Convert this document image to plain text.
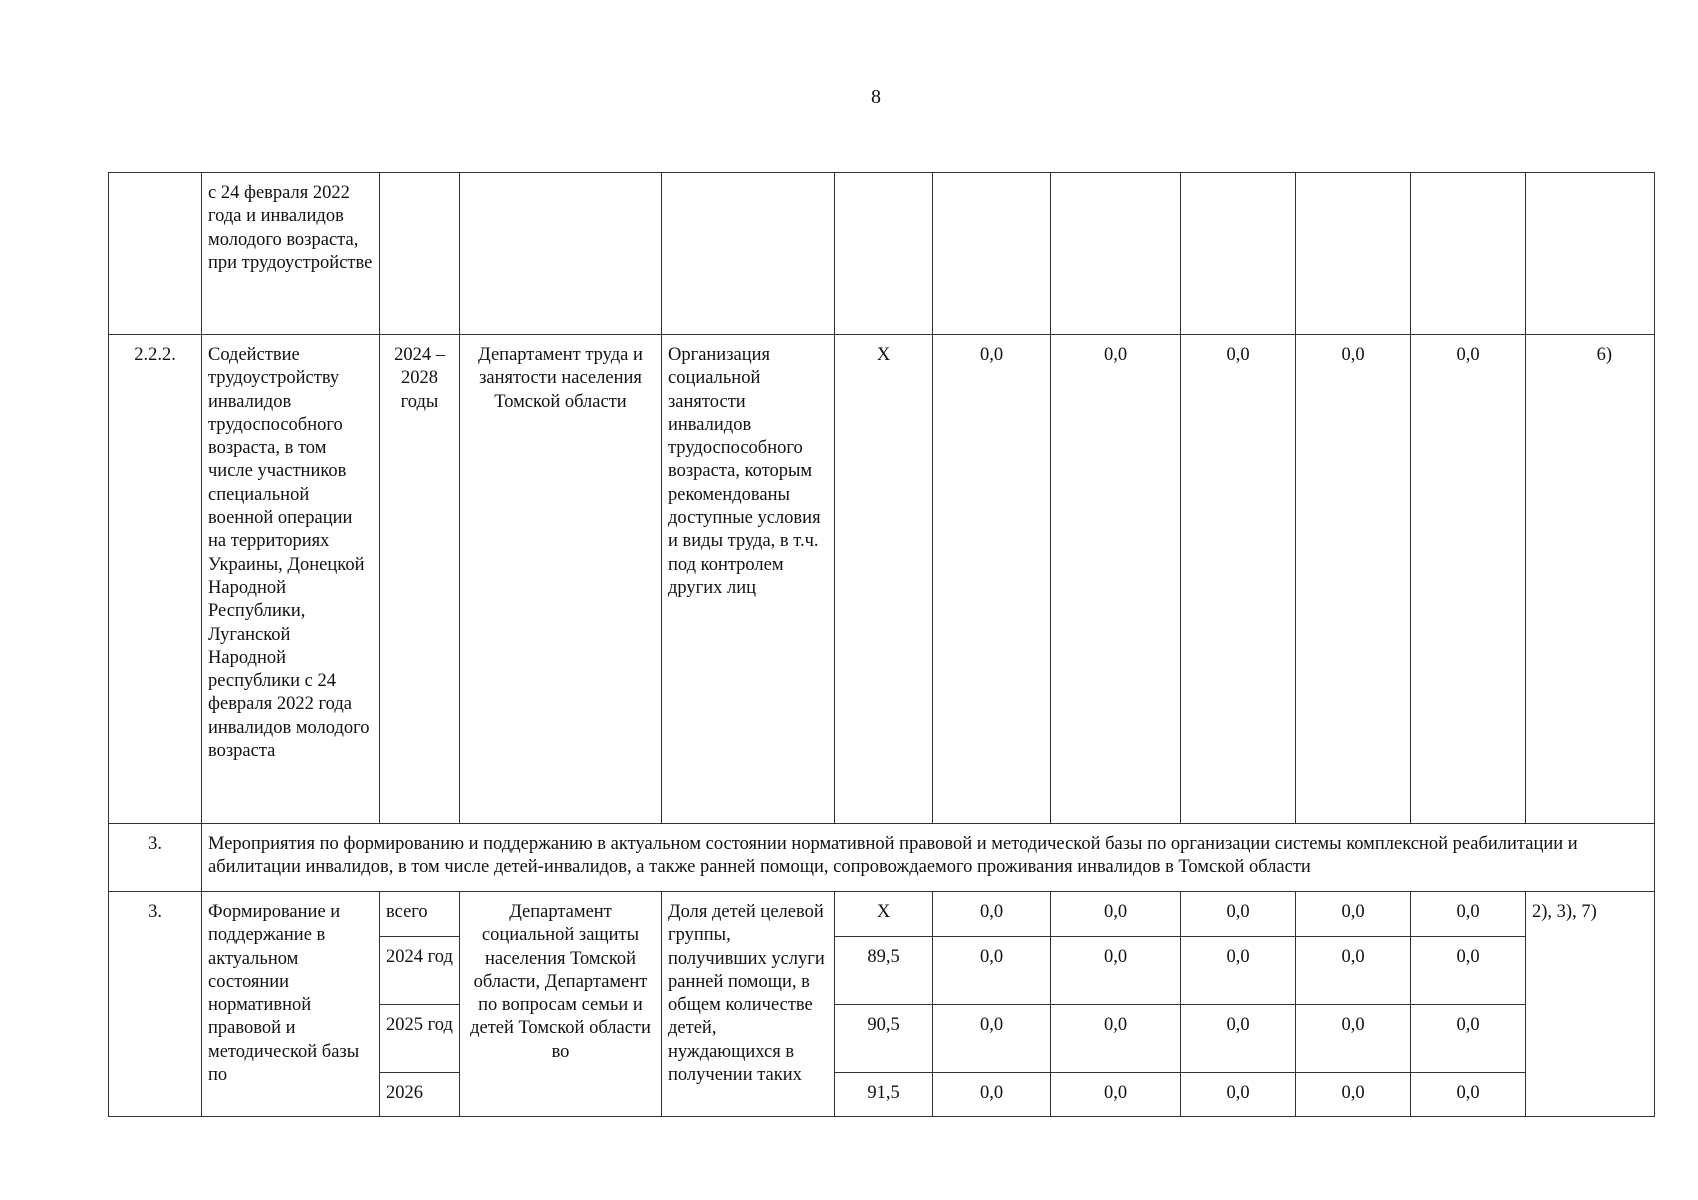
8
	с 24 февраля 2022 года и инвалидов молодого возраста, при трудоустройстве										
2.2.2.	Содействие трудоустройству инвалидов трудоспособного возраста, в том числе участников специальной военной операции на территориях Украины, Донецкой Народной Республики, Луганской Народной республики с 24 февраля 2022 года инвалидов молодого возраста	2024 – 2028 годы	Департамент труда и занятости населения Томской области	Организация социальной занятости инвалидов трудоспособного возраста, которым рекомендованы доступные условия и виды труда, в т.ч. под контролем других лиц	Х	0,0	0,0	0,0	0,0	0,0	6)
3.	Мероприятия по формированию и поддержанию в актуальном состоянии нормативной правовой и методической базы по организации системы комплексной реабилитации и абилитации инвалидов, в том числе детей-инвалидов, а также ранней помощи, сопровождаемого проживания инвалидов в Томской области										
3.	Формирование и поддержание в актуальном состоянии нормативной правовой и методической базы по	всего	Департамент социальной защиты населения Томской области, Департамент по вопросам семьи и детей Томской области во	Доля детей целевой группы, получивших услуги ранней помощи, в общем количестве детей, нуждающихся в получении таких	Х	0,0	0,0	0,0	0,0	0,0	2), 3), 7)
		2024 год			89,5	0,0	0,0	0,0	0,0	0,0	
		2025 год			90,5	0,0	0,0	0,0	0,0	0,0	
		2026			91,5	0,0	0,0	0,0	0,0	0,0	
